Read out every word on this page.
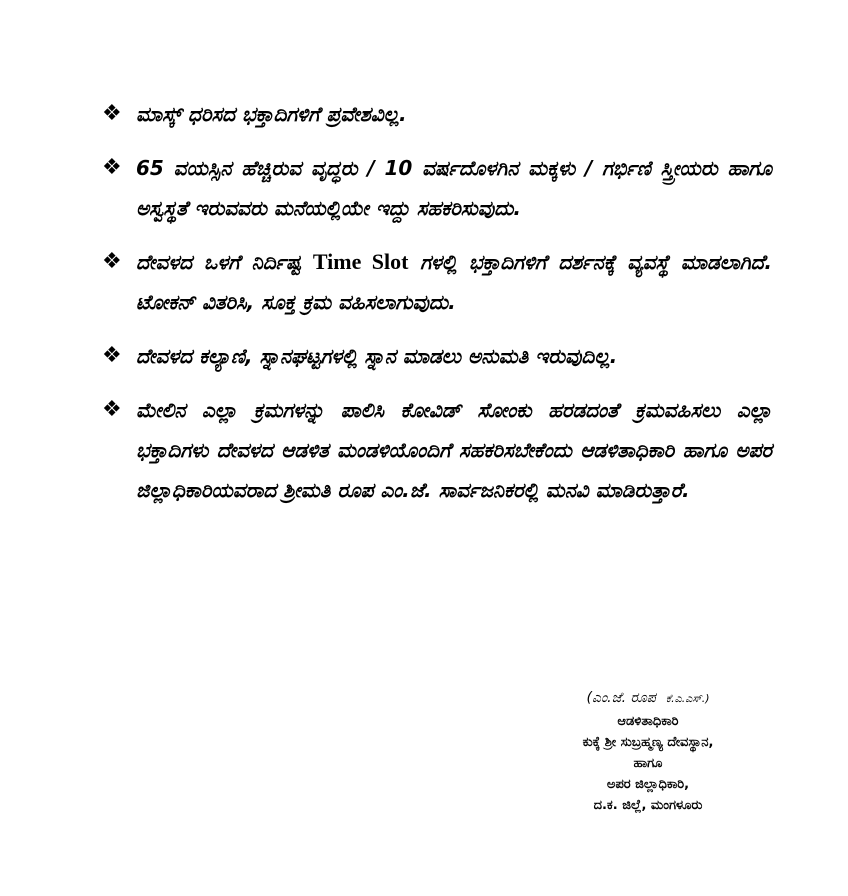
❖ ಮಾಸ್ಕ್ ಧರಿಸದ ಭಕ್ತಾದಿಗಳಿಗೆ ಪ್ರವೇಶವಿಲ್ಲ.
❖ 65 ವಯಸ್ಸಿನ ಹೆಚ್ಚಿರುವ ವೃದ್ಧರು / 10 ವರ್ಷದೊಳಗಿನ ಮಕ್ಕಳು / ಗರ್ಭಿಣಿ ಸ್ತ್ರೀಯರು ಹಾಗೂ ಅಸ್ವಸ್ಥತೆ ಇರುವವರು ಮನೆಯಲ್ಲಿಯೇ ಇದ್ದು ಸಹಕರಿಸುವುದು.
❖ ದೇವಳದ ಒಳಗೆ ನಿರ್ದಿಷ್ಟ Time Slot ಗಳಲ್ಲಿ ಭಕ್ತಾದಿಗಳಿಗೆ ದರ್ಶನಕ್ಕೆ ವ್ಯವಸ್ಥೆ ಮಾಡಲಾಗಿದೆ. ಟೋಕನ್ ವಿತರಿಸಿ, ಸೂಕ್ತ ಕ್ರಮ ವಹಿಸಲಾಗುವುದು.
❖ ದೇವಳದ ಕಲ್ಯಾಣಿ, ಸ್ನಾನಘಟ್ಟಗಳಲ್ಲಿ ಸ್ನಾನ ಮಾಡಲು ಅನುಮತಿ ಇರುವುದಿಲ್ಲ.
❖ ಮೇಲಿನ ಎಲ್ಲಾ ಕ್ರಮಗಳನ್ನು ಪಾಲಿಸಿ ಕೋವಿಡ್ ಸೋಂಕು ಹರಡದಂತೆ ಕ್ರಮವಹಿಸಲು ಎಲ್ಲಾ ಭಕ್ತಾದಿಗಳು ದೇವಳದ ಆಡಳಿತ ಮಂಡಳಿಯೊಂದಿಗೆ ಸಹಕರಿಸಬೇಕೆಂದು ಆಡಳಿತಾಧಿಕಾರಿ ಹಾಗೂ ಅಪರ ಜಿಲ್ಲಾಧಿಕಾರಿಯವರಾದ ಶ್ರೀಮತಿ ರೂಪ ಎಂ.ಜೆ. ಸಾರ್ವಜನಿಕರಲ್ಲಿ ಮನವಿ ಮಾಡಿರುತ್ತಾರೆ.
(ಎಂ.ಜೆ. ರೂಪ ಕೆ.ಎ.ಎಸ್.)
ಆಡಳಿತಾಧಿಕಾರಿ
ಕುಕ್ಕೆ ಶ್ರೀ ಸುಬ್ರಹ್ಮಣ್ಯ ದೇವಸ್ಥಾನ,
ಹಾಗೂ
ಅಪರ ಜಿಲ್ಲಾಧಿಕಾರಿ,
ದ.ಕ. ಜಿಲ್ಲೆ, ಮಂಗಳೂರು
